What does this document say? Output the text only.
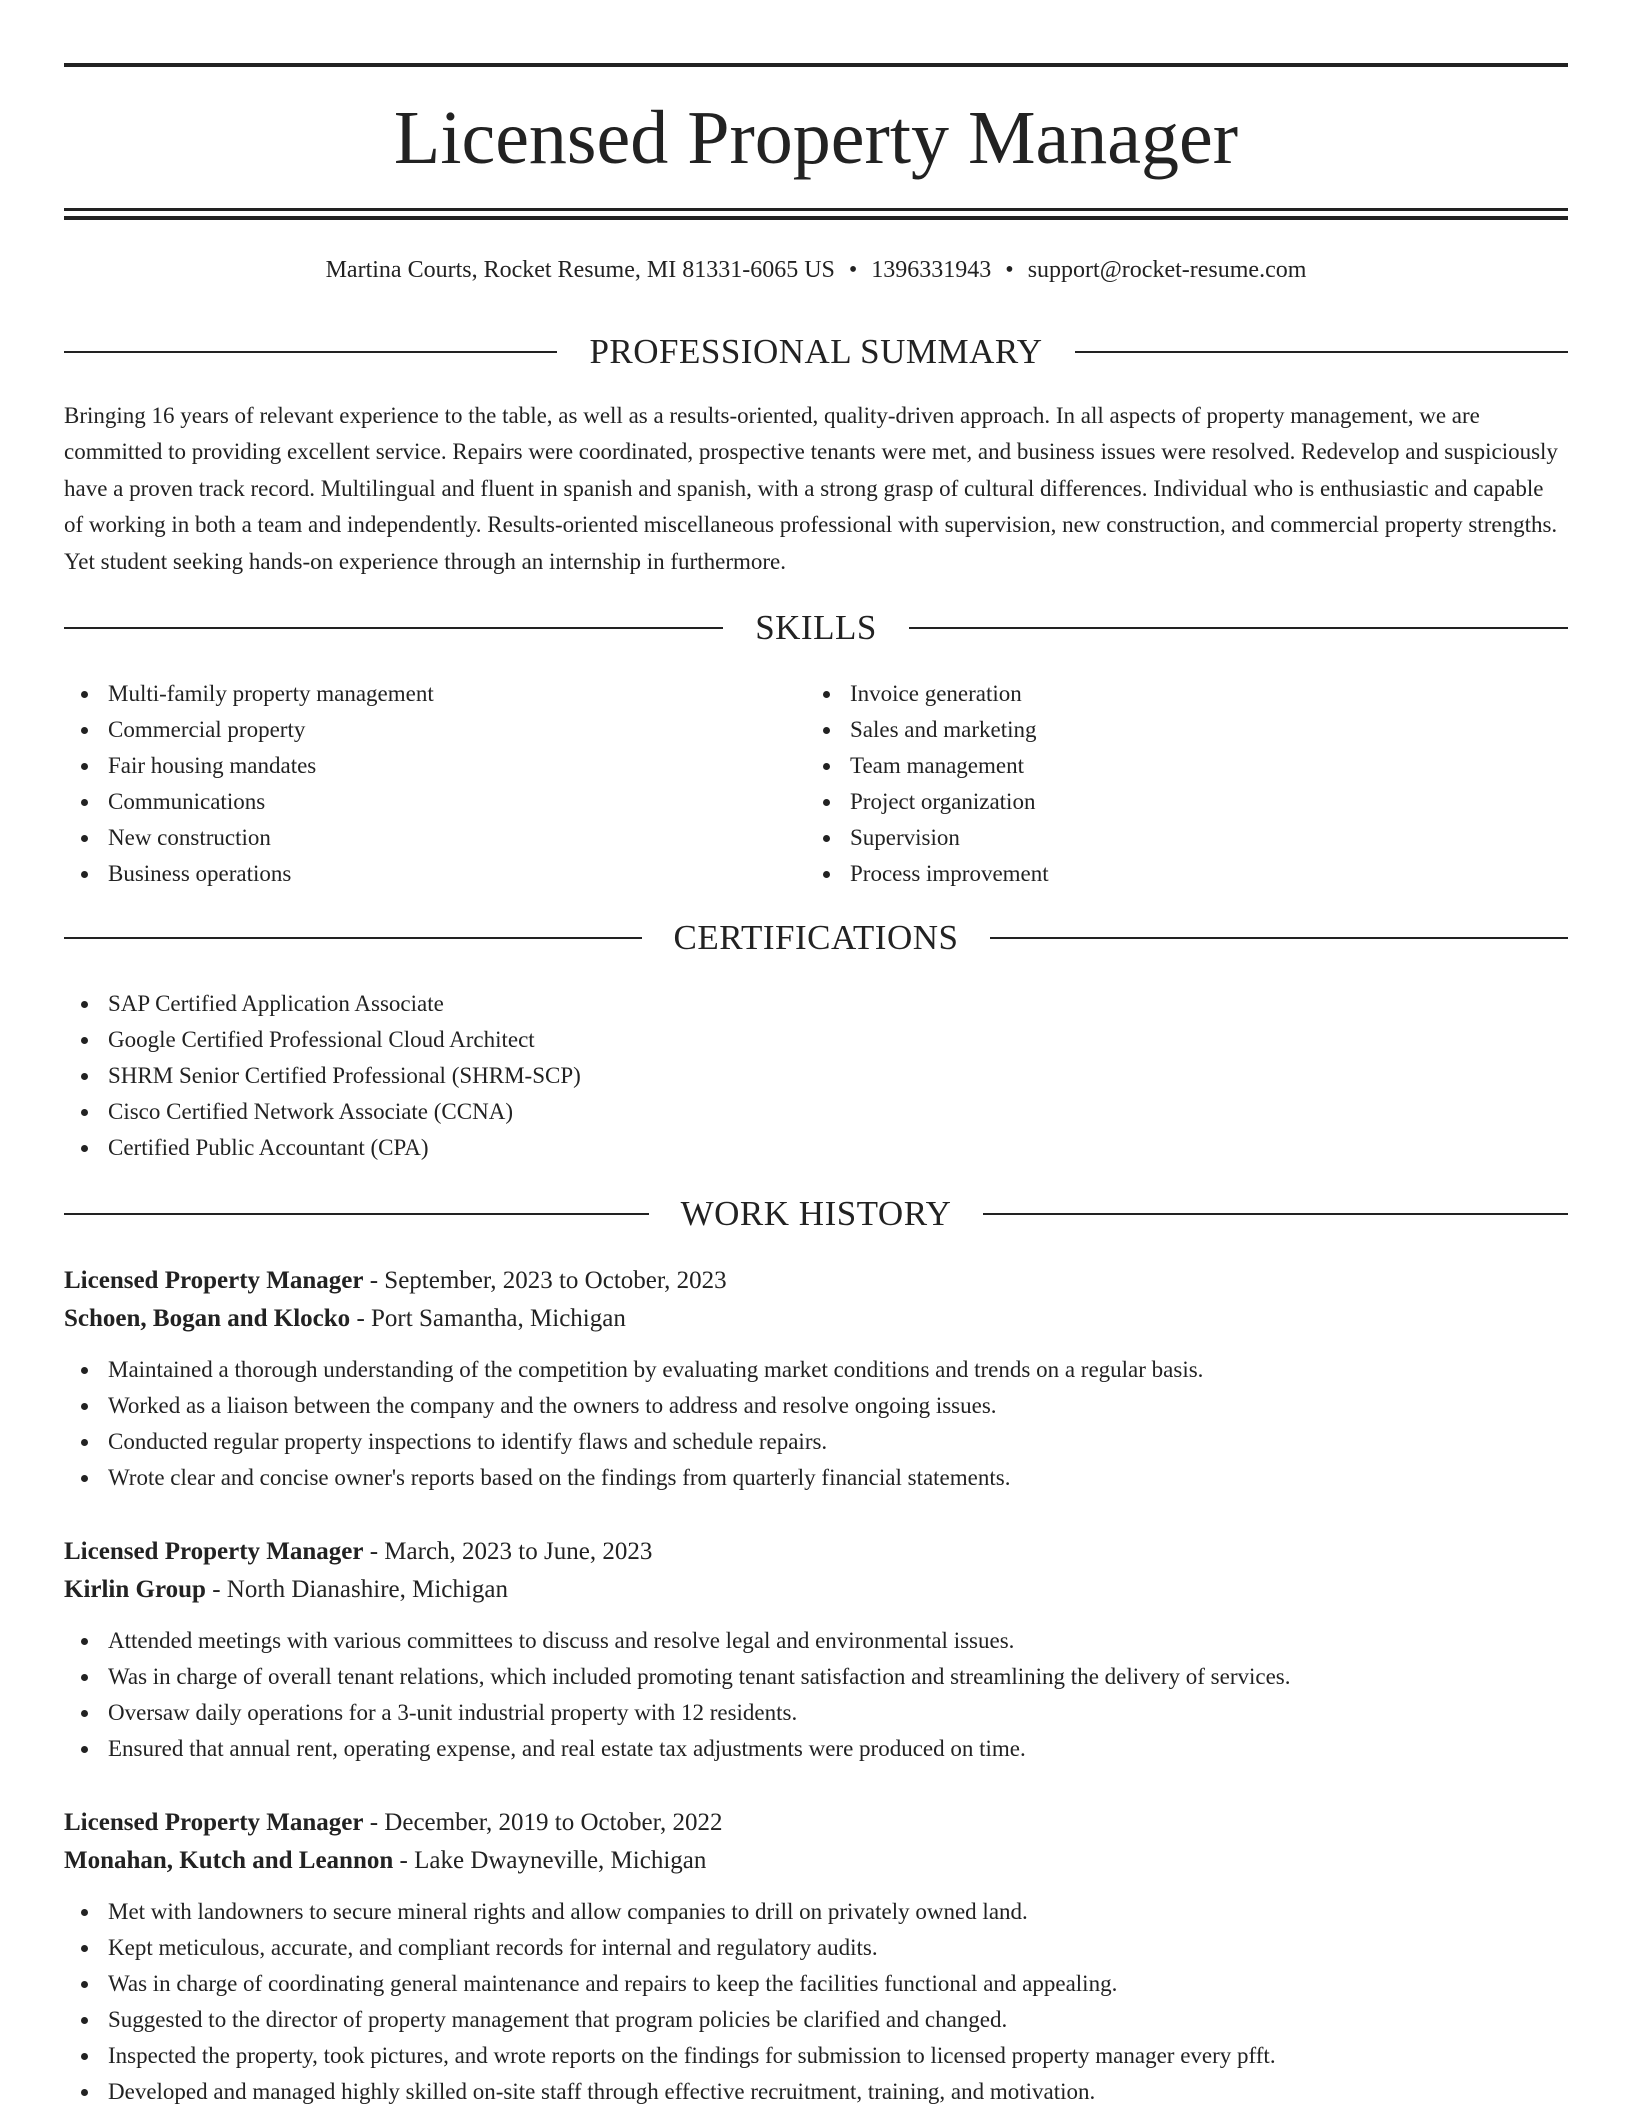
Licensed Property Manager
Martina Courts, Rocket Resume, MI 81331-6065 US • 1396331943 • support@rocket-resume.com
PROFESSIONAL SUMMARY

Bringing 16 years of relevant experience to the table, as well as a results-oriented, quality-driven approach. In all aspects of property management, we are committed to providing excellent service. Repairs were coordinated, prospective tenants were met, and business issues were resolved. Redevelop and suspiciously have a proven track record. Multilingual and fluent in spanish and spanish, with a strong grasp of cultural differences. Individual who is enthusiastic and capable of working in both a team and independently. Results-oriented miscellaneous professional with supervision, new construction, and commercial property strengths. Yet student seeking hands-on experience through an internship in furthermore.

SKILLS
Multi-family property management
Commercial property
Fair housing mandates
Communications
New construction
Business operations
Invoice generation
Sales and marketing
Team management
Project organization
Supervision
Process improvement
CERTIFICATIONS
SAP Certified Application Associate
Google Certified Professional Cloud Architect
SHRM Senior Certified Professional (SHRM-SCP)
Cisco Certified Network Associate (CCNA)
Certified Public Accountant (CPA)
WORK HISTORY
Licensed Property Manager - September, 2023 to October, 2023
Schoen, Bogan and Klocko - Port Samantha, Michigan
Maintained a thorough understanding of the competition by evaluating market conditions and trends on a regular basis.
Worked as a liaison between the company and the owners to address and resolve ongoing issues.
Conducted regular property inspections to identify flaws and schedule repairs.
Wrote clear and concise owner's reports based on the findings from quarterly financial statements.
Licensed Property Manager - March, 2023 to June, 2023
Kirlin Group - North Dianashire, Michigan
Attended meetings with various committees to discuss and resolve legal and environmental issues.
Was in charge of overall tenant relations, which included promoting tenant satisfaction and streamlining the delivery of services.
Oversaw daily operations for a 3-unit industrial property with 12 residents.
Ensured that annual rent, operating expense, and real estate tax adjustments were produced on time.
Licensed Property Manager - December, 2019 to October, 2022
Monahan, Kutch and Leannon - Lake Dwayneville, Michigan
Met with landowners to secure mineral rights and allow companies to drill on privately owned land.
Kept meticulous, accurate, and compliant records for internal and regulatory audits.
Was in charge of coordinating general maintenance and repairs to keep the facilities functional and appealing.
Suggested to the director of property management that program policies be clarified and changed.
Inspected the property, took pictures, and wrote reports on the findings for submission to licensed property manager every pfft.
Developed and managed highly skilled on-site staff through effective recruitment, training, and motivation.
